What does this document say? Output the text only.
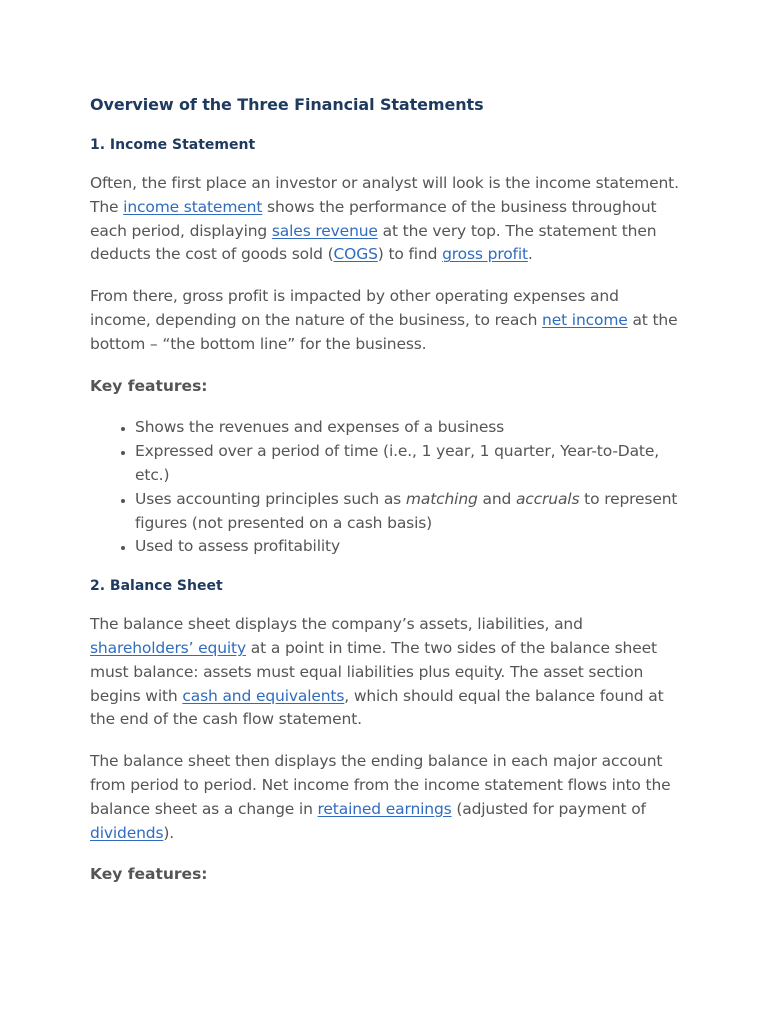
Overview of the Three Financial Statements
1. Income Statement

Often, the first place an investor or analyst will look is the income statement. The income statement shows the performance of the business throughout each period, displaying sales revenue at the very top. The statement then deducts the cost of goods sold (COGS) to find gross profit.

From there, gross profit is impacted by other operating expenses and income, depending on the nature of the business, to reach net income at the bottom – “the bottom line” for the business.

Key features:
• Shows the revenues and expenses of a business
• Expressed over a period of time (i.e., 1 year, 1 quarter, Year-to-Date, etc.)
• Uses accounting principles such as matching and accruals to represent figures (not presented on a cash basis)
• Used to assess profitability
2. Balance Sheet

The balance sheet displays the company’s assets, liabilities, and shareholders’ equity at a point in time. The two sides of the balance sheet must balance: assets must equal liabilities plus equity. The asset section begins with cash and equivalents, which should equal the balance found at the end of the cash flow statement.

The balance sheet then displays the ending balance in each major account from period to period. Net income from the income statement flows into the balance sheet as a change in retained earnings (adjusted for payment of dividends).

Key features:
